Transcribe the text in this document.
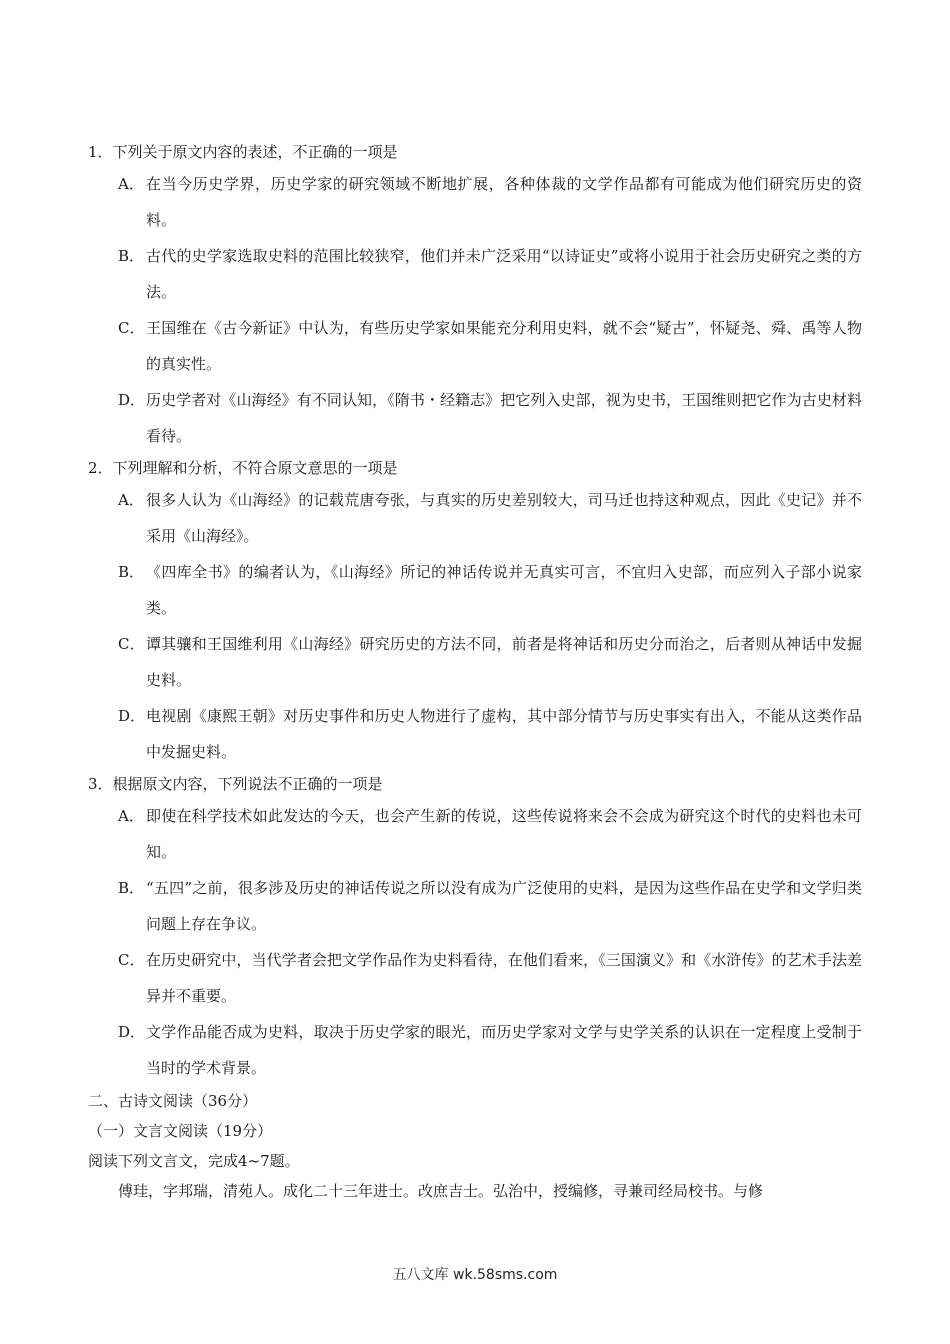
1．下列关于原文内容的表述，不正确的一项是

A． 在当今历史学界，历史学家的研究领域不断地扩展，各种体裁的文学作品都有可能成为他们研究历史的资料。
B． 古代的史学家选取史料的范围比较狭窄，他们并未广泛采用“以诗证史”或将小说用于社会历史研究之类的方法。
C． 王国维在《古今新证》中认为，有些历史学家如果能充分利用史料，就不会“疑古”，怀疑尧、舜、禹等人物的真实性。
D． 历史学者对《山海经》有不同认知，《隋书・经籍志》把它列入史部，视为史书，王国维则把它作为古史材料看待。

2．下列理解和分析，不符合原文意思的一项是

A． 很多人认为《山海经》的记载荒唐夸张，与真实的历史差别较大，司马迁也持这种观点，因此《史记》并不采用《山海经》。
B． 《四库全书》的编者认为，《山海经》所记的神话传说并无真实可言，不宜归入史部，而应列入子部小说家类。
C． 谭其骧和王国维利用《山海经》研究历史的方法不同，前者是将神话和历史分而治之，后者则从神话中发掘史料。
D． 电视剧《康熙王朝》对历史事件和历史人物进行了虚构，其中部分情节与历史事实有出入，不能从这类作品中发掘史料。

3．根据原文内容，下列说法不正确的一项是

A． 即使在科学技术如此发达的今天，也会产生新的传说，这些传说将来会不会成为研究这个时代的史料也未可知。
B． “五四”之前，很多涉及历史的神话传说之所以没有成为广泛使用的史料，是因为这些作品在史学和文学归类问题上存在争议。
C． 在历史研究中，当代学者会把文学作品作为史料看待，在他们看来，《三国演义》和《水浒传》的艺术手法差异并不重要。
D． 文学作品能否成为史料，取决于历史学家的眼光，而历史学家对文学与史学关系的认识在一定程度上受制于当时的学术背景。
二、古诗文阅读（36分）
（一）文言文阅读（19分）
阅读下列文言文，完成4~7题。
傅珪，字邦瑞，清苑人。成化二十三年进士。改庶吉士。弘治中，授编修，寻兼司经局校书。与修
五八文库 wk.58sms.com
